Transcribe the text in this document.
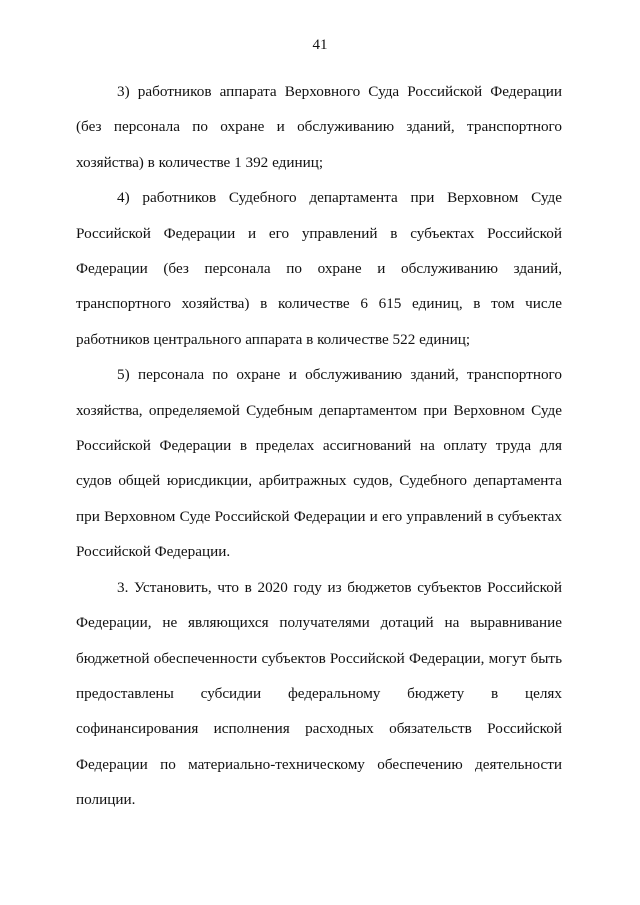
41

3) работников аппарата Верховного Суда Российской Федерации (без персонала по охране и обслуживанию зданий, транспортного хозяйства) в количестве 1 392 единиц;

4) работников Судебного департамента при Верховном Суде Российской Федерации и его управлений в субъектах Российской Федерации (без персонала по охране и обслуживанию зданий, транспортного хозяйства) в количестве 6 615 единиц, в том числе работников центрального аппарата в количестве 522 единиц;

5) персонала по охране и обслуживанию зданий, транспортного хозяйства, определяемой Судебным департаментом при Верховном Суде Российской Федерации в пределах ассигнований на оплату труда для судов общей юрисдикции, арбитражных судов, Судебного департамента при Верховном Суде Российской Федерации и его управлений в субъектах Российской Федерации.

3. Установить, что в 2020 году из бюджетов субъектов Российской Федерации, не являющихся получателями дотаций на выравнивание бюджетной обеспеченности субъектов Российской Федерации, могут быть предоставлены субсидии федеральному бюджету в целях софинансирования исполнения расходных обязательств Российской Федерации по материально-техническому обеспечению деятельности полиции.
